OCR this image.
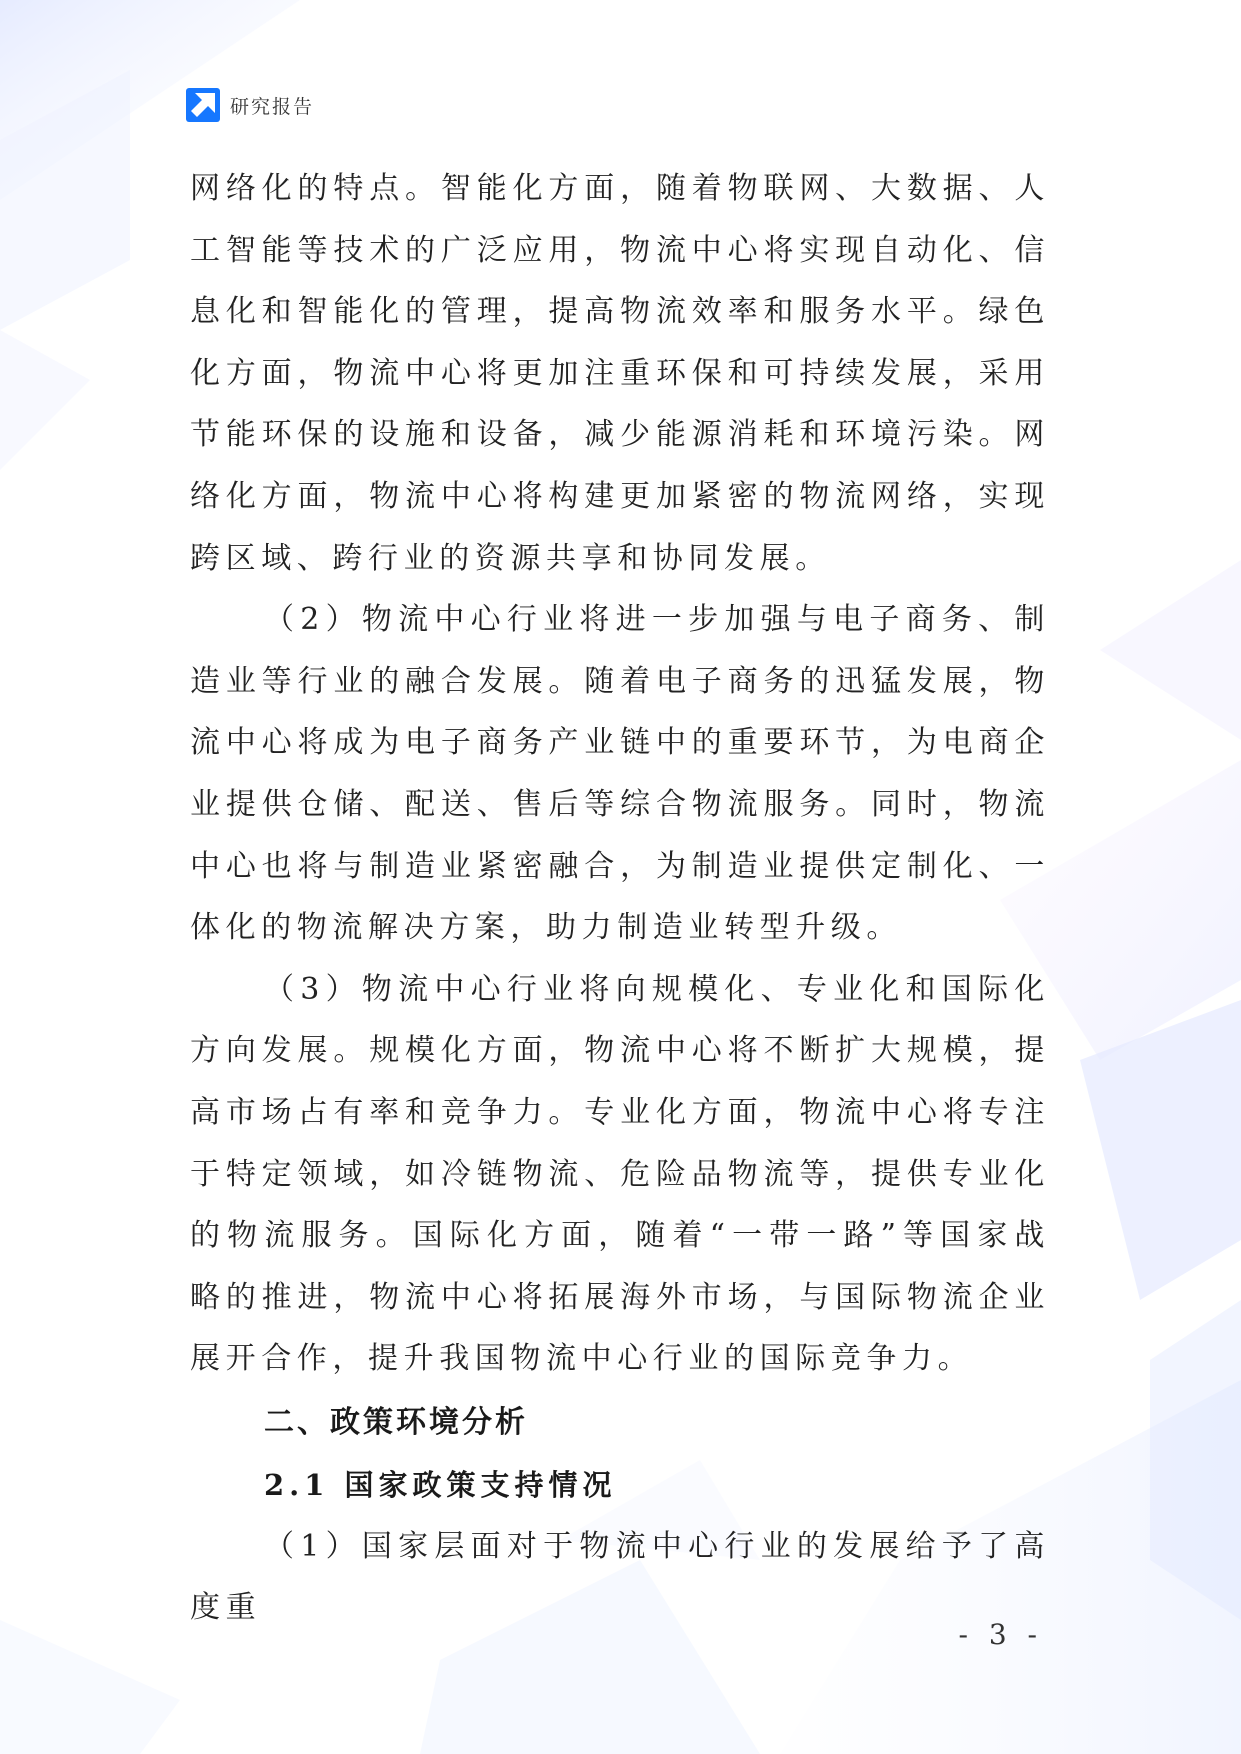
研究报告

网络化的特点。智能化方面，随着物联网、大数据、人工智能等技术的广泛应用，物流中心将实现自动化、信息化和智能化的管理，提高物流效率和服务水平。绿色化方面，物流中心将更加注重环保和可持续发展，采用节能环保的设施和设备，减少能源消耗和环境污染。网络化方面，物流中心将构建更加紧密的物流网络，实现跨区域、跨行业的资源共享和协同发展。

（2）物流中心行业将进一步加强与电子商务、制造业等行业的融合发展。随着电子商务的迅猛发展，物流中心将成为电子商务产业链中的重要环节，为电商企业提供仓储、配送、售后等综合物流服务。同时，物流中心也将与制造业紧密融合，为制造业提供定制化、一体化的物流解决方案，助力制造业转型升级。

（3）物流中心行业将向规模化、专业化和国际化方向发展。规模化方面，物流中心将不断扩大规模，提高市场占有率和竞争力。专业化方面，物流中心将专注于特定领域，如冷链物流、危险品物流等，提供专业化的物流服务。国际化方面，随着“一带一路”等国家战略的推进，物流中心将拓展海外市场，与国际物流企业展开合作，提升我国物流中心行业的国际竞争力。

二、政策环境分析
2.1 国家政策支持情况

（1）国家层面对于物流中心行业的发展给予了高度重

- 3 -
